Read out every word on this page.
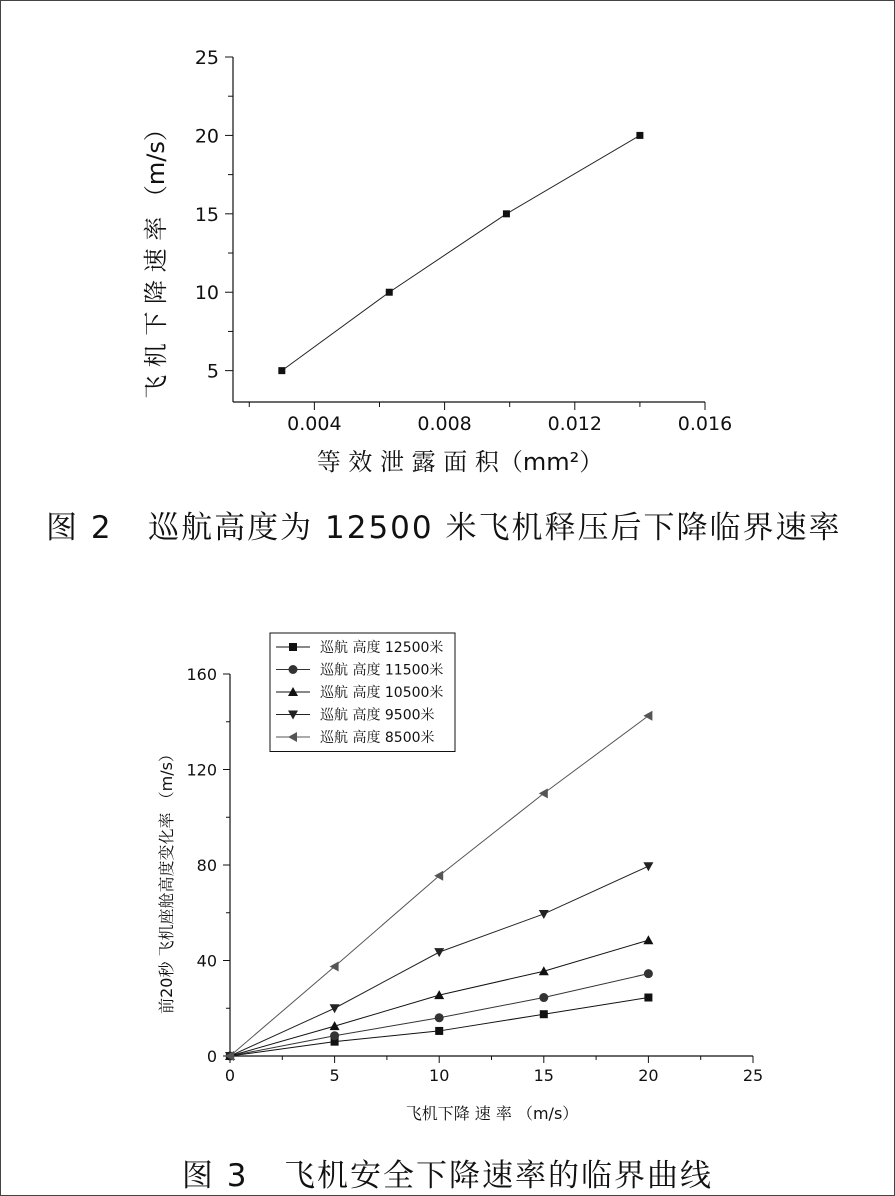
0.004	0.008	0.012	0.016
5
10
15
20
25
等 效 泄 露 面 积（mm²）
飞 机 下 降 速 率 （m/s）
图 2   巡航高度为 12500 米飞机释压后下降临界速率
0	5	10	15	20	25
0
40
80
120
160
巡航 高度 12500米
巡航 高度 11500米
巡航 高度 10500米
巡航 高度 9500米
巡航 高度 8500米
飞机下降 速 率 （m/s）
前20秒 飞机座舱高度变化率 （m/s）
图 3   飞机安全下降速率的临界曲线
